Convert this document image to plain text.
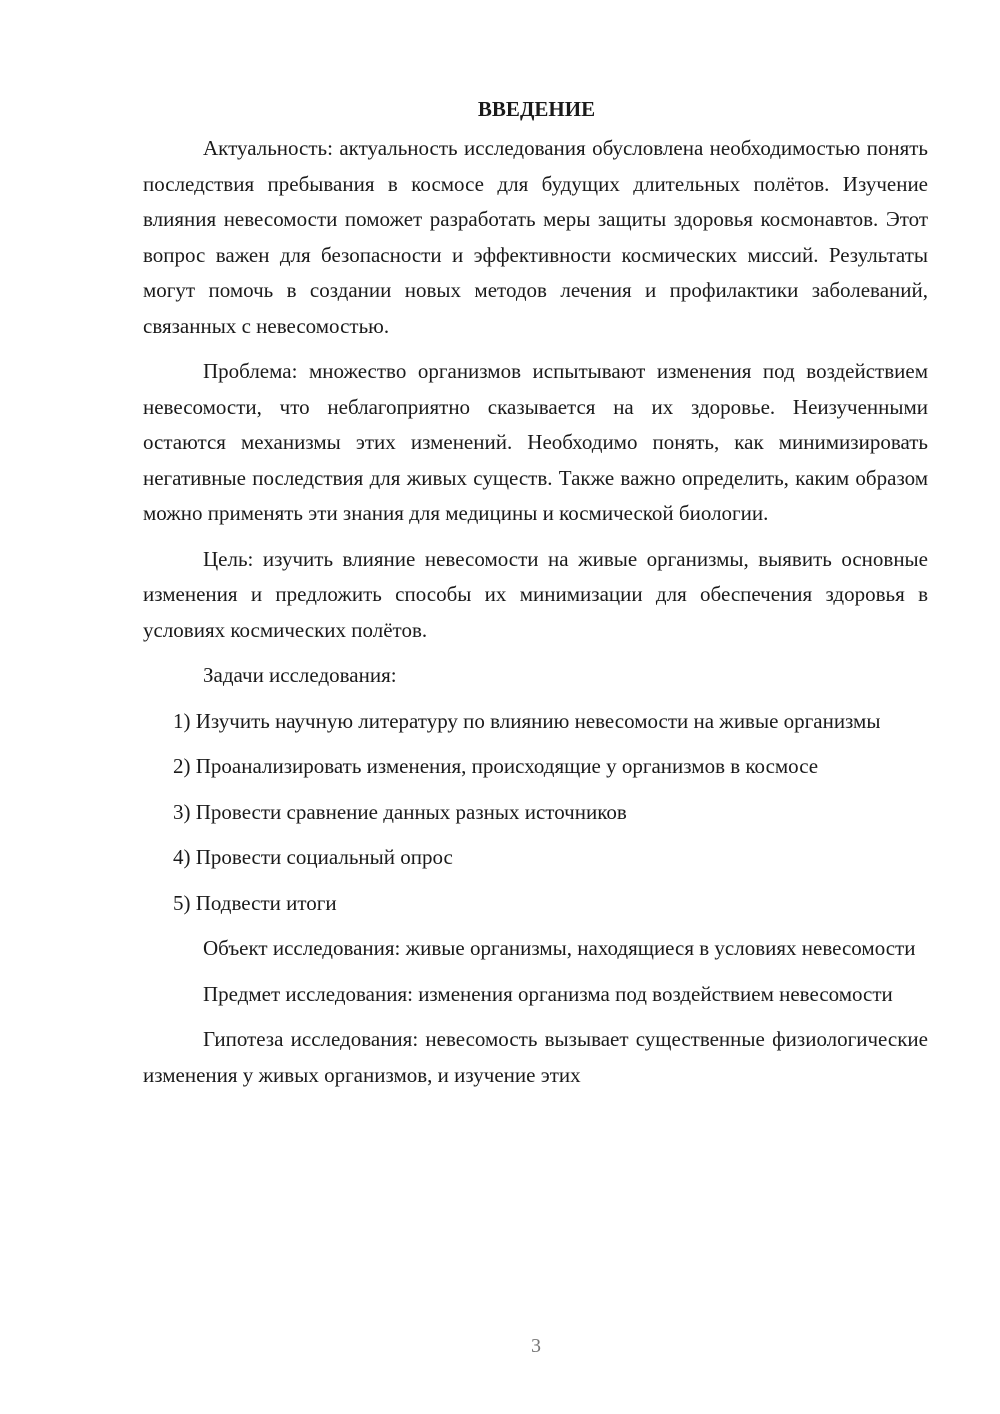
ВВЕДЕНИЕ

Актуальность: актуальность исследования обусловлена необходимостью понять последствия пребывания в космосе для будущих длительных полётов. Изучение влияния невесомости поможет разработать меры защиты здоровья космонавтов. Этот вопрос важен для безопасности и эффективности космических миссий. Результаты могут помочь в создании новых методов лечения и профилактики заболеваний, связанных с невесомостью.

Проблема: множество организмов испытывают изменения под воздействием невесомости, что неблагоприятно сказывается на их здоровье. Неизученными остаются механизмы этих изменений. Необходимо понять, как минимизировать негативные последствия для живых существ. Также важно определить, каким образом можно применять эти знания для медицины и космической биологии.

Цель: изучить влияние невесомости на живые организмы, выявить основные изменения и предложить способы их минимизации для обеспечения здоровья в условиях космических полётов.

Задачи исследования:

1) Изучить научную литературу по влиянию невесомости на живые организмы

2) Проанализировать изменения, происходящие у организмов в космосе

3) Провести сравнение данных разных источников

4) Провести социальный опрос

5) Подвести итоги

Объект исследования: живые организмы, находящиеся в условиях невесомости

Предмет исследования: изменения организма под воздействием невесомости

Гипотеза исследования: невесомость вызывает существенные физиологические изменения у живых организмов, и изучение этих

3
